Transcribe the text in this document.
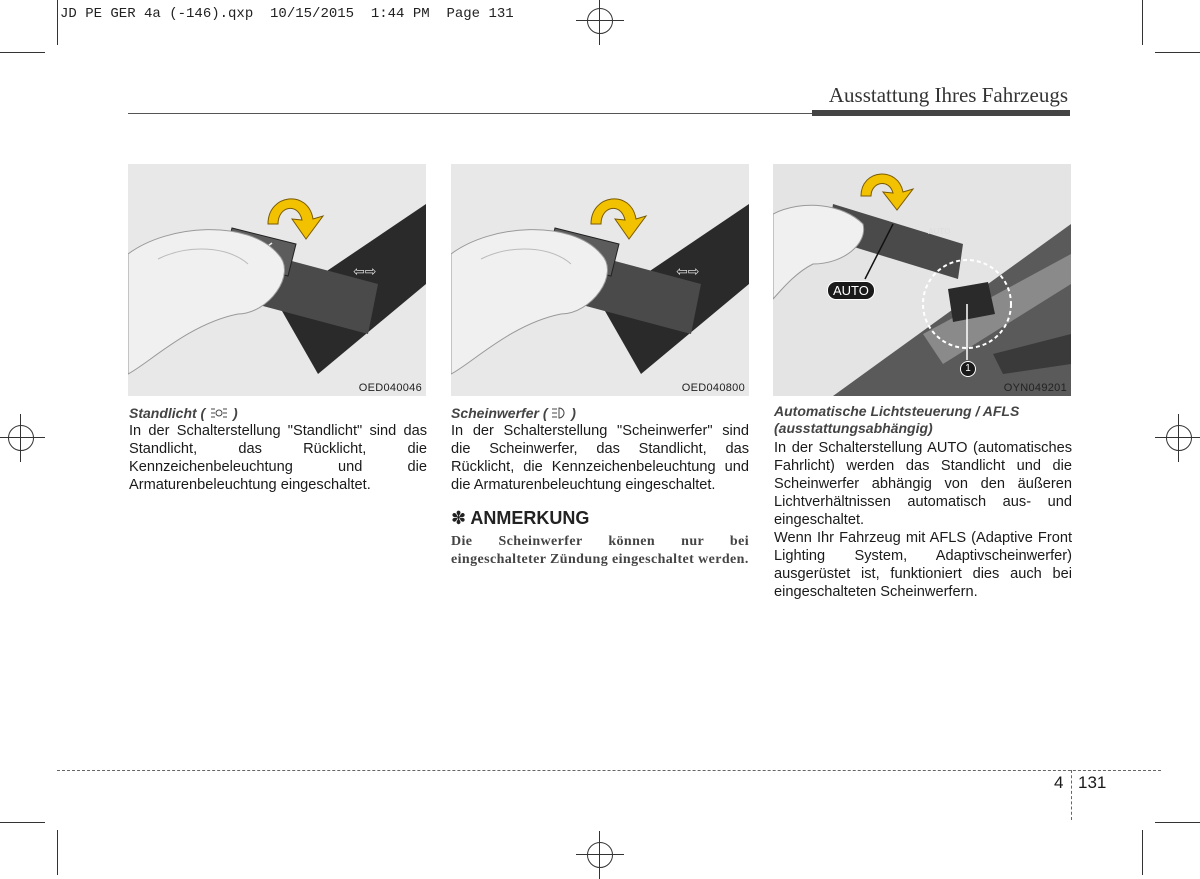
JD PE GER 4a (-146).qxp  10/15/2015  1:44 PM  Page 131
Ausstattung Ihres Fahrzeugs
⇦⇨
OED040046
⇦⇨
OED040800
AUTO
AUTO
1
OYN049201

Standlicht ( )

In der Schalterstellung "Standlicht" sind das Standlicht, das Rücklicht, die Kennzeichenbeleuchtung und die Armaturenbeleuchtung eingeschaltet.

Scheinwerfer ( )

In der Schalterstellung "Scheinwerfer" sind die Scheinwerfer, das Standlicht, das Rücklicht, die Kennzeichenbeleuchtung und die Armaturenbeleuchtung eingeschaltet.

✽ ANMERKUNG

Die Scheinwerfer können nur bei eingeschalteter Zündung eingeschaltet werden.

Automatische Lichtsteuerung / AFLS (ausstattungsabhängig)

In der Schalterstellung AUTO (automatisches Fahrlicht) werden das Standlicht und die Scheinwerfer abhängig von den äußeren Lichtverhältnissen automatisch aus- und eingeschaltet.

Wenn Ihr Fahrzeug mit AFLS (Adaptive Front Lighting System, Adaptivscheinwerfer) ausgerüstet ist, funktioniert dies auch bei eingeschalteten Scheinwerfern.

4 131
